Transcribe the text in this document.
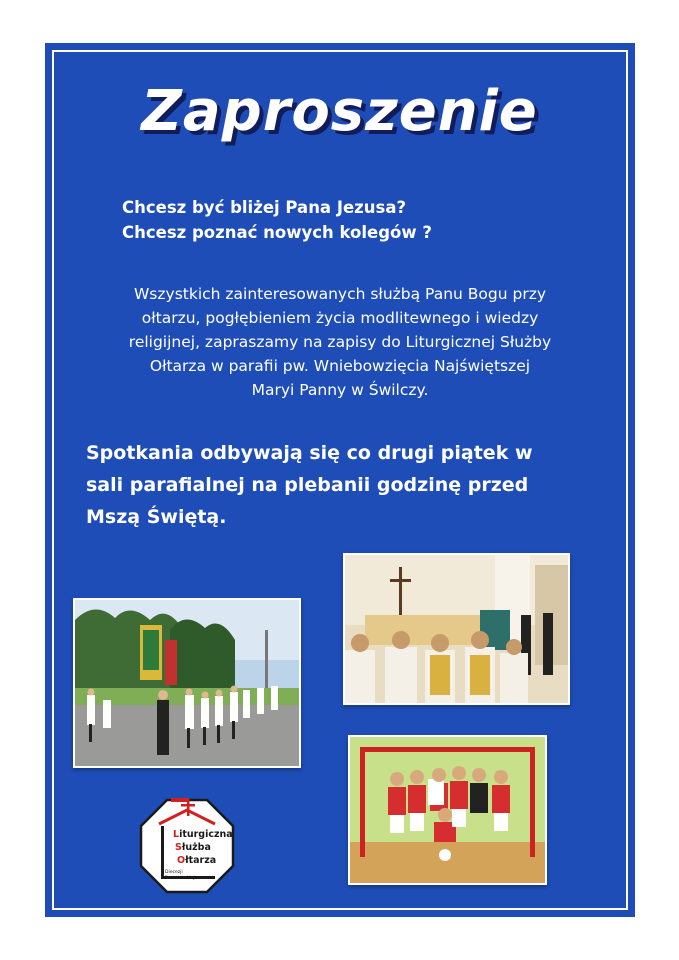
Zaproszenie
Chcesz być bliżej Pana Jezusa?
Chcesz poznać nowych kolegów ?
Wszystkich zainteresowanych służbą Panu Bogu przy
ołtarzu, pogłębieniem życia modlitewnego i wiedzy
religijnej, zapraszamy na zapisy do Liturgicznej Służby
Ołtarza w parafii pw. Wniebowzięcia Najświętszej
Maryi Panny w Świlczy.
Spotkania odbywają się co drugi piątek w
sali parafialnej na plebanii godzinę przed
Mszą Świętą.
Liturgiczna
Służba
Ołtarza
Diecezji
Rzeszowskiej
